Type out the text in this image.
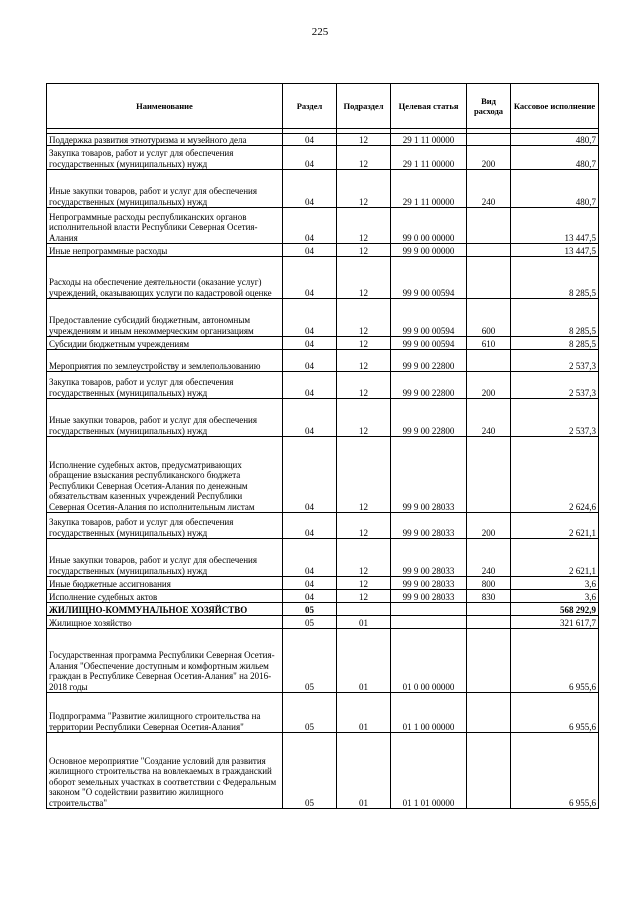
225
Наименование	Раздел	Подраздел	Целевая статья	Вид расхода	Кассовое исполнение

Поддержка развития этнотуризма и музейного дела	04	12	29 1 11 00000		480,7
Закупка товаров, работ и услуг для обеспечения государственных (муниципальных) нужд	04	12	29 1 11 00000	200	480,7
Иные закупки товаров, работ и услуг для обеспечения государственных (муниципальных) нужд	04	12	29 1 11 00000	240	480,7
Непрограммные расходы республиканских органов исполнительной власти Республики Северная Осетия-Алания	04	12	99 0 00 00000		13 447,5
Иные непрограммные расходы	04	12	99 9 00 00000		13 447,5
Расходы на обеспечение деятельности (оказание услуг) учреждений, оказывающих услуги по кадастровой оценке	04	12	99 9 00 00594		8 285,5
Предоставление субсидий бюджетным, автономным учреждениям и иным некоммерческим организациям	04	12	99 9 00 00594	600	8 285,5
Субсидии бюджетным учреждениям	04	12	99 9 00 00594	610	8 285,5
Мероприятия по землеустройству и землепользованию	04	12	99 9 00 22800		2 537,3
Закупка товаров, работ и услуг для обеспечения государственных (муниципальных) нужд	04	12	99 9 00 22800	200	2 537,3
Иные закупки товаров, работ и услуг для обеспечения государственных (муниципальных) нужд	04	12	99 9 00 22800	240	2 537,3
Исполнение судебных актов, предусматривающих обращение взыскания республиканского бюджета Республики Северная Осетия-Алания по денежным обязательствам казенных учреждений Республики Северная Осетия-Алания по исполнительным листам	04	12	99 9 00 28033		2 624,6
Закупка товаров, работ и услуг для обеспечения государственных (муниципальных) нужд	04	12	99 9 00 28033	200	2 621,1
Иные закупки товаров, работ и услуг для обеспечения государственных (муниципальных) нужд	04	12	99 9 00 28033	240	2 621,1
Иные бюджетные ассигнования	04	12	99 9 00 28033	800	3,6
Исполнение судебных актов	04	12	99 9 00 28033	830	3,6
ЖИЛИЩНО-КОММУНАЛЬНОЕ ХОЗЯЙСТВО	05				568 292,9
Жилищное хозяйство	05	01			321 617,7
Государственная программа Республики Северная Осетия-Алания "Обеспечение доступным и комфортным жильем граждан в Республике Северная Осетия-Алания" на 2016-2018 годы	05	01	01 0 00 00000		6 955,6
Подпрограмма "Развитие жилищного строительства на территории Республики Северная Осетия-Алания"	05	01	01 1 00 00000		6 955,6
Основное мероприятие "Создание условий для развития жилищного строительства на вовлекаемых в гражданский оборот земельных участках в соответствии с Федеральным законом "О содействии развитию жилищного строительства"	05	01	01 1 01 00000		6 955,6
